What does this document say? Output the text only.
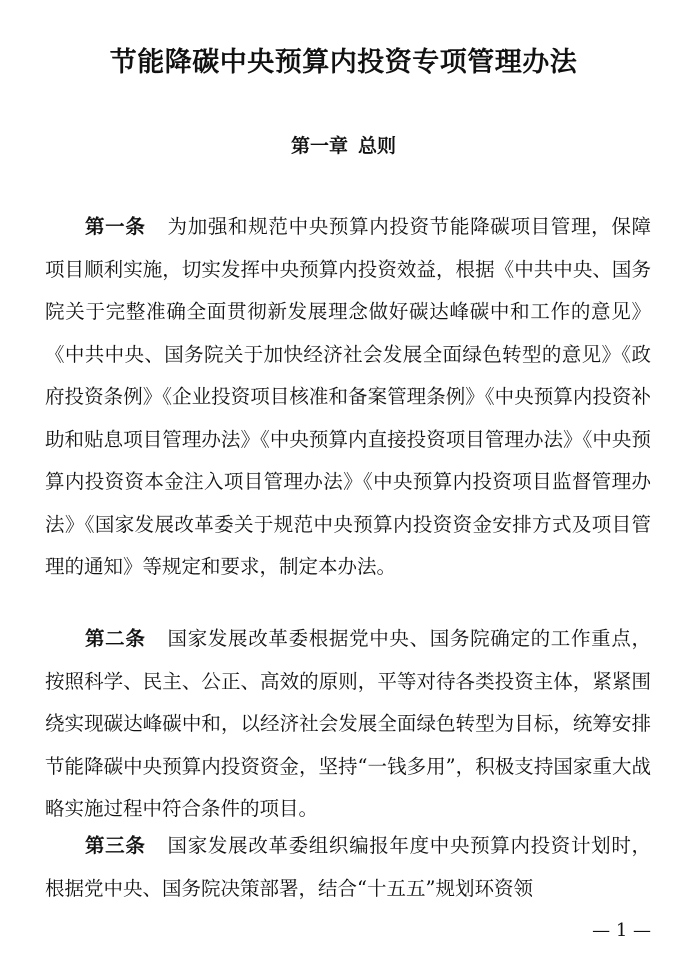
节能降碳中央预算内投资专项管理办法
第一章 总则

第一条 为加强和规范中央预算内投资节能降碳项目管理，保障项目顺利实施，切实发挥中央预算内投资效益，根据《中共中央、国务院关于完整准确全面贯彻新发展理念做好碳达峰碳中和工作的意见》《中共中央、国务院关于加快经济社会发展全面绿色转型的意见》《政府投资条例》《企业投资项目核准和备案管理条例》《中央预算内投资补助和贴息项目管理办法》《中央预算内直接投资项目管理办法》《中央预算内投资资本金注入项目管理办法》《中央预算内投资项目监督管理办法》《国家发展改革委关于规范中央预算内投资资金安排方式及项目管理的通知》等规定和要求，制定本办法。

第二条 国家发展改革委根据党中央、国务院确定的工作重点，按照科学、民主、公正、高效的原则，平等对待各类投资主体，紧紧围绕实现碳达峰碳中和，以经济社会发展全面绿色转型为目标，统筹安排节能降碳中央预算内投资资金，坚持“一钱多用”，积极支持国家重大战略实施过程中符合条件的项目。

第三条 国家发展改革委组织编报年度中央预算内投资计划时，根据党中央、国务院决策部署，结合“十五五”规划环资领

— 1 —
